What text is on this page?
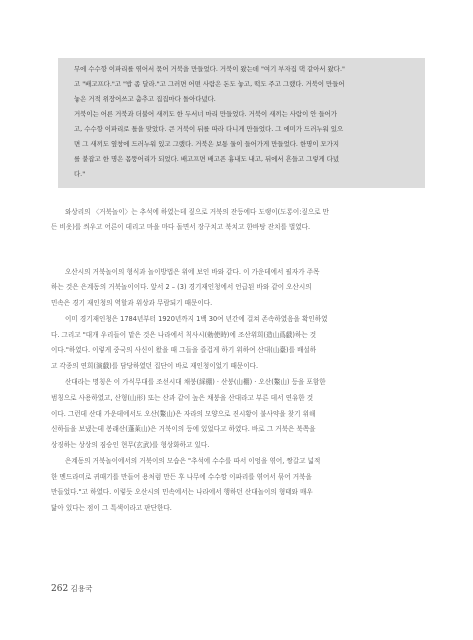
무에 수수깡 이파리를 엮어서 묶어 거북을 만들었다. 거북이 왔는데 "여기 부자집 댁 같아서 왔다."
고 "배고프다."고 "밥 좀 달라."고 그러면 어떤 사람은 돈도 놓고, 떡도 주고 그랬다. 거북이 만들어
놓은 거적 위장어쓰고 춤추고 집집마다 돌아다녔다.
거북이는 어른 거북과 더불어 새끼도 한 두서너 마리 만들었다. 거북이 새끼는 사람이 안 들어가
고, 수수깡 이파리로 틀을 맞았다. 큰 거북이 뒤를 따라 다니게 만들었다. 그 에미가 드러누워 있으
면 그 새끼도 옆창에 드러누워 있고 그랬다. 거북은 보통 둘이 들어가게 만들었다. 한명이 모가지
를 붙잡고 한 명은 몸뚱어리가 되었다. 배고프면 배고픈 흉내도 내고, 뒤에서 흔들고 그렇게 다녔
다."
와상리의 〈거북놀이〉는 추석에 하였는데 짚으로 거북의 잔등에다 도랭이(도롱이:짚으로 만
든 비옷)를 씌우고 어른이 데리고 마을 마다 돌면서 장구치고 북치고 한바탕 잔치를 벌였다.
오산시의 거북놀이의 형식과 놀이방법은 위에 보인 바와 같다. 이 가운데에서 필자가 주목
하는 것은 은계동의 거북놀이이다. 앞서 2 – (3) 경기재인청에서 언급된 바와 같이 오산시의
민속은 경기 재인청의 역할과 위상과 무람되기 때문이다.
이미 경기재인청은 1784년부터 1920년까지 1백 30여 년간에 걸쳐 존속하였음을 확인하였
다. 그리고 "대개 우리들이 맡은 것은 나라에서 칙사시(勅使時)에 조산위희(造山爲戱)하는 것
이다."하였다. 이렇게 중국의 사신이 왔을 때 그들을 즐겁게 하기 위하여 산대(山臺)를 배설하
고 각종의 연희(演戱)를 담당하였던 집단이 바로 재인청이었기 때문이다.
산대라는 명칭은 이 가식무대를 조선시대 채붕(綵棚) · 산붕(山棚) · 오산(鰲山) 등을 포함한
범칭으로 사용하였고, 산형(山形) 또는 산과 같이 높은 채붕을 산대라고 부른 데서 연유한 것
이다. 그런데 산대 가운데에서도 오산(鰲山)은 자라의 모양으로 진시황이 불사약을 찾기 위해
신하들을 보냈는데 봉래산(蓬萊山)은 거북이의 등에 있었다고 하였다. 바로 그 거북은 북쪽을
상징하는 상상의 짐승인 현무(玄武)를 형상화하고 있다.
은계동의 거북놀이에서의 거북이의 모습은 "추석에 수수를 따서 이엉을 엮어, 짱갈고 넓적
한 멘드라미로 귀때기를 만들어 용처럼 만든 후 나무에 수수깡 이파리를 엮어서 묶어 거북을
만들었다."고 하였다. 이렇듯 오산시의 민속에서는 나라에서 행하던 산대놀이의 형태와 매우
닮아 있다는 점이 그 특색이라고 판단한다.
262 김용국
